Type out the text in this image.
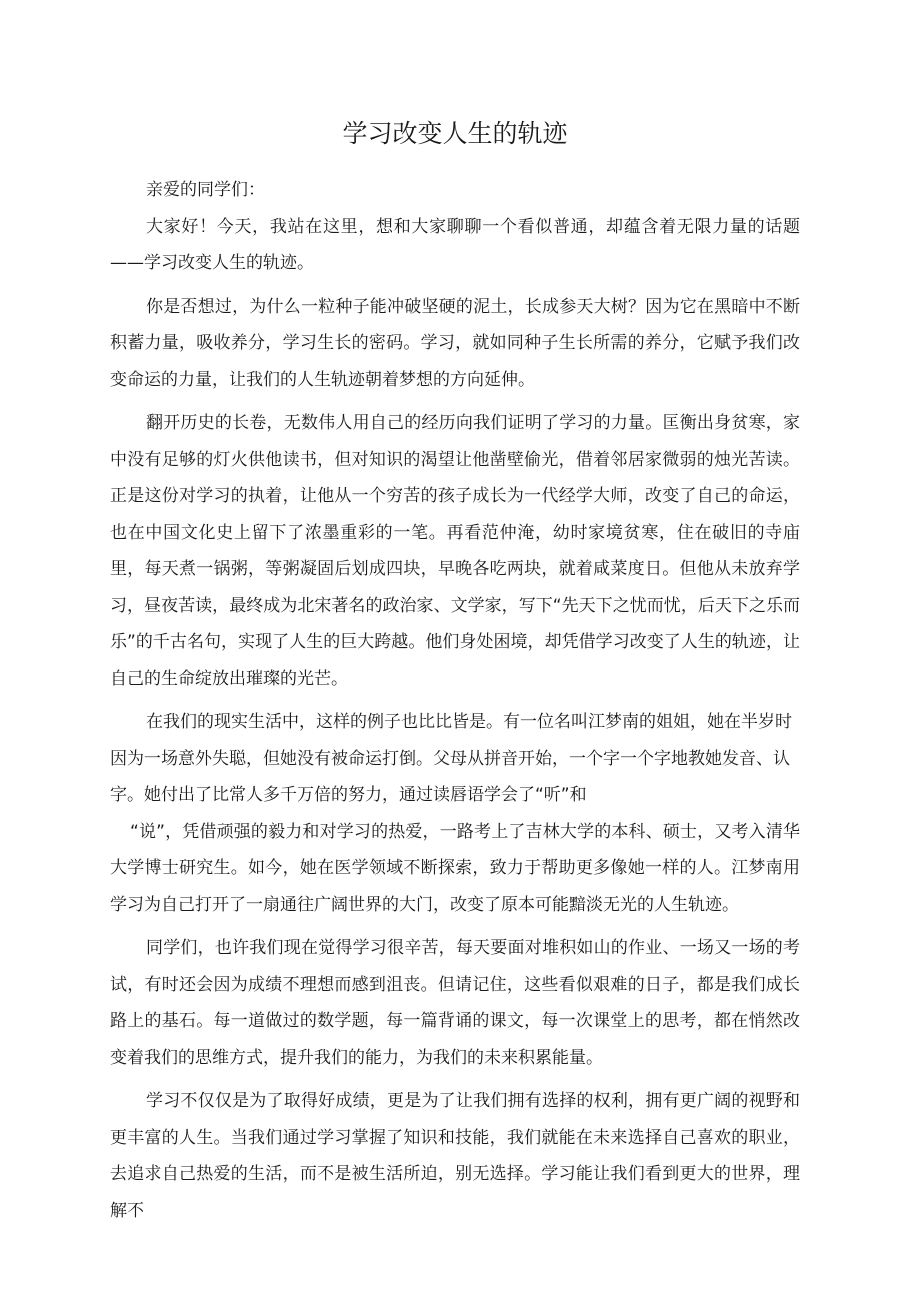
学习改变人生的轨迹

亲爱的同学们：

大家好！今天，我站在这里，想和大家聊聊一个看似普通，却蕴含着无限力量的话题——学习改变人生的轨迹。

你是否想过，为什么一粒种子能冲破坚硬的泥土，长成参天大树？因为它在黑暗中不断积蓄力量，吸收养分，学习生长的密码。学习，就如同种子生长所需的养分，它赋予我们改变命运的力量，让我们的人生轨迹朝着梦想的方向延伸。

翻开历史的长卷，无数伟人用自己的经历向我们证明了学习的力量。匡衡出身贫寒，家中没有足够的灯火供他读书，但对知识的渴望让他凿壁偷光，借着邻居家微弱的烛光苦读。正是这份对学习的执着，让他从一个穷苦的孩子成长为一代经学大师，改变了自己的命运，也在中国文化史上留下了浓墨重彩的一笔。再看范仲淹，幼时家境贫寒，住在破旧的寺庙里，每天煮一锅粥，等粥凝固后划成四块，早晚各吃两块，就着咸菜度日。但他从未放弃学习，昼夜苦读，最终成为北宋著名的政治家、文学家，写下“先天下之忧而忧，后天下之乐而乐”的千古名句，实现了人生的巨大跨越。他们身处困境，却凭借学习改变了人生的轨迹，让自己的生命绽放出璀璨的光芒。

在我们的现实生活中，这样的例子也比比皆是。有一位名叫江梦南的姐姐，她在半岁时因为一场意外失聪，但她没有被命运打倒。父母从拼音开始，一个字一个字地教她发音、认字。她付出了比常人多千万倍的努力，通过读唇语学会了“听”和

“说”，凭借顽强的毅力和对学习的热爱，一路考上了吉林大学的本科、硕士，又考入清华大学博士研究生。如今，她在医学领域不断探索，致力于帮助更多像她一样的人。江梦南用学习为自己打开了一扇通往广阔世界的大门，改变了原本可能黯淡无光的人生轨迹。

同学们，也许我们现在觉得学习很辛苦，每天要面对堆积如山的作业、一场又一场的考试，有时还会因为成绩不理想而感到沮丧。但请记住，这些看似艰难的日子，都是我们成长路上的基石。每一道做过的数学题，每一篇背诵的课文，每一次课堂上的思考，都在悄然改变着我们的思维方式，提升我们的能力，为我们的未来积累能量。

学习不仅仅是为了取得好成绩，更是为了让我们拥有选择的权利，拥有更广阔的视野和更丰富的人生。当我们通过学习掌握了知识和技能，我们就能在未来选择自己喜欢的职业，去追求自己热爱的生活，而不是被生活所迫，别无选择。学习能让我们看到更大的世界，理解不
